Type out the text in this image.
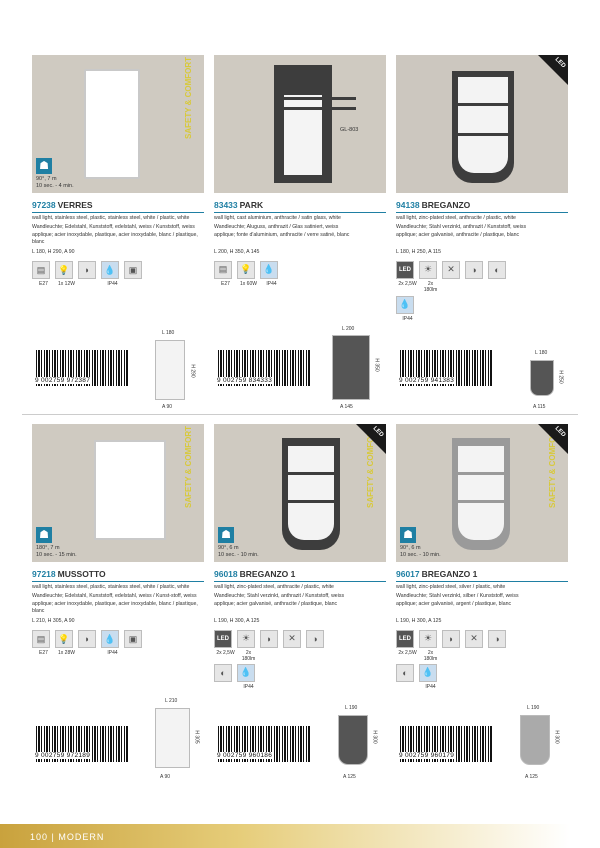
☗
90°, 7 m
10 sec. - 4 min.
SAFETY & COMFORT
97238 VERRES
wall light, stainless steel, plastic, stainless steel, white / plastic, white
Wandleuchte; Edelstahl, Kunststoff, edelstahl, weiss / Kunststoff, weiss
applique; acier inoxydable, plastique, acier inoxydable, blanc / plastique, blanc
L 180, H 290, A 90
▤	💡	◗	💧	▣
E27	1x 12W	IP44
9 002759 972387
L 180
H 290
A 90
GL-803
83433 PARK
wall light, cast aluminium, anthracite / satin glass, white
Wandleuchte; Aluguss, anthrazit / Glas satiniert, weiss
applique; fonte d'aluminium, anthracite / verre satiné, blanc
L 200, H 350, A 145
▤	💡	💧
E27	1x 60W	IP44
9 002759 834333
L 200
H 350
A 145
LED
94138 BREGANZO
wall light, zinc-plated steel, anthracite / plastic, white
Wandleuchte; Stahl verzinkt, anthrazit / Kunststoff, weiss
applique; acier galvanisé, anthracite / plastique, blanc
L 180, H 250, A 115
LED	☀	✕	◑	◐
2x 2,5W	2x
180lm
💧
IP44
9 002759 941383
L 180
H 250
A 115
☗
180°, 7 m
10 sec. - 15 min.
SAFETY & COMFORT
97218 MUSSOTTO
wall light, stainless steel, plastic, stainless steel, white / plastic, white
Wandleuchte; Edelstahl, Kunststoff, edelstahl, weiss / Kunst-stoff, weiss
applique; acier inoxydable, plastique, acier inoxydable, blanc / plastique, blanc
L 210, H 305, A 90
▤	💡	◗	💧	▣
E27	1x 28W	IP44
9 002759 972189
L 210
H 305
A 90
☗
90°, 6 m
10 sec. - 10 min.
SAFETY & COMFORT
LED
96018 BREGANZO 1
wall light, zinc-plated steel, anthracite / plastic, white
Wandleuchte; Stahl verzinkt, anthrazit / Kunststoff, weiss
applique; acier galvanisé, anthracite / plastique, blanc
L 190, H 300, A 125
LED	☀	◗	✕	◑
2x 2,5W	2x
180lm
◐	💧
IP44
9 002759 960186
L 190
H 300
A 125
☗
90°, 6 m
10 sec. - 10 min.
SAFETY & COMFORT
LED
96017 BREGANZO 1
wall light, zinc-plated steel, silver / plastic, white
Wandleuchte; Stahl verzinkt, silber / Kunststoff, weiss
applique; acier galvanisé, argent / plastique, blanc
L 190, H 300, A 125
LED	☀	◗	✕	◑
2x 2,5W	2x
180lm
◐	💧
IP44
9 002759 960179
L 190
H 300
A 125
100 | MODERN
